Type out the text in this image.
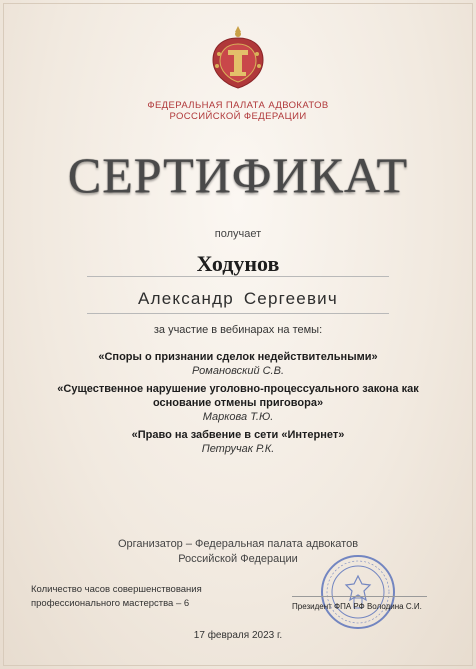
ФЕДЕРАЛЬНАЯ ПАЛАТА АДВОКАТОВ
РОССИЙСКОЙ ФЕДЕРАЦИИ
СЕРТИФИКАТ
получает
Ходунов
Александр Сергеевич
за участие в вебинарах на темы:
«Споры о признании сделок недействительными»
Романовский С.В.
«Существенное нарушение уголовно-процессуального закона как основание отмены приговора»
Маркова Т.Ю.
«Право на забвение в сети «Интернет»
Петручак Р.К.
Организатор – Федеральная палата адвокатов
Российской Федерации
Количество часов совершенствования
профессионального мастерства – 6	Президент ФПА РФ Володина С.И.
17 февраля 2023 г.
